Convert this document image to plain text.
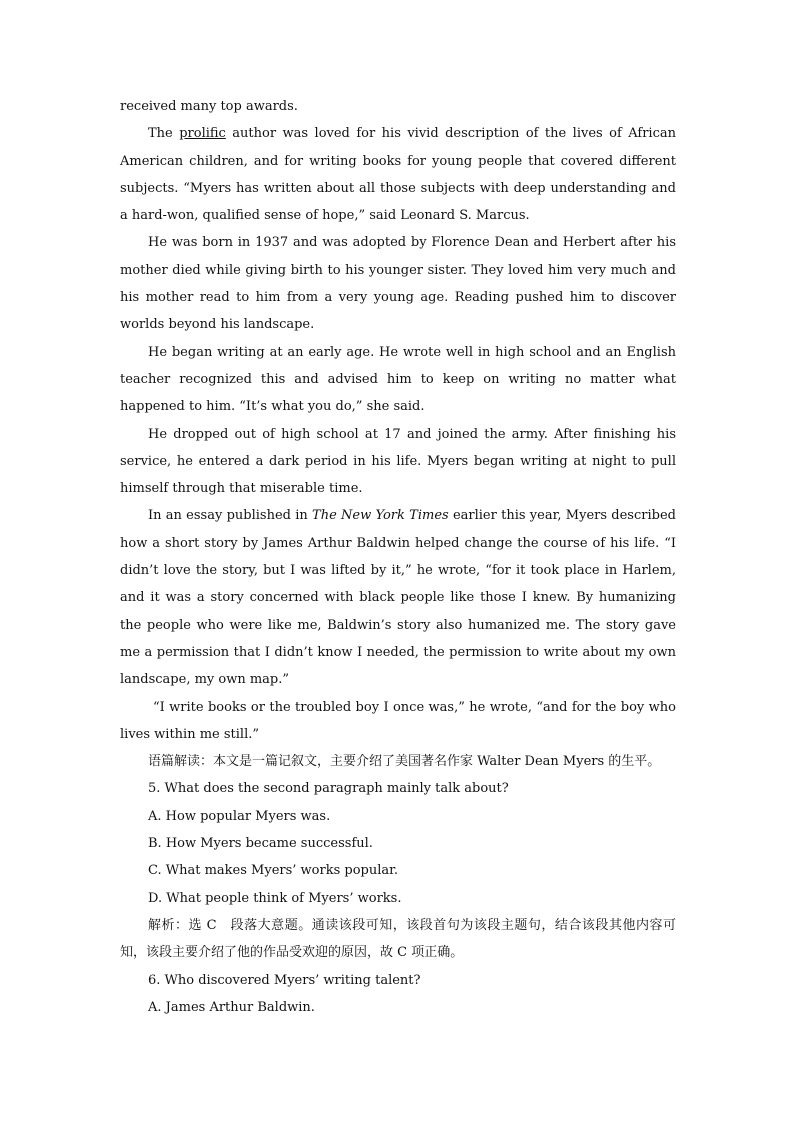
received many top awards.

The prolific author was loved for his vivid description of the lives of African American children, and for writing books for young people that covered different subjects. “Myers has written about all those subjects with deep understanding and a hard-won, qualified sense of hope,” said Leonard S. Marcus.

He was born in 1937 and was adopted by Florence Dean and Herbert after his mother died while giving birth to his younger sister. They loved him very much and his mother read to him from a very young age. Reading pushed him to discover worlds beyond his landscape.

He began writing at an early age. He wrote well in high school and an English teacher recognized this and advised him to keep on writing no matter what happened to him. “It’s what you do,” she said.

He dropped out of high school at 17 and joined the army. After finishing his service, he entered a dark period in his life. Myers began writing at night to pull himself through that miserable time.

In an essay published in The New York Times earlier this year, Myers described how a short story by James Arthur Baldwin helped change the course of his life. “I didn’t love the story, but I was lifted by it,” he wrote, “for it took place in Harlem, and it was a story concerned with black people like those I knew. By humanizing the people who were like me, Baldwin’s story also humanized me. The story gave me a permission that I didn’t know I needed, the permission to write about my own landscape, my own map.”

“I write books or the troubled boy I once was,” he wrote, “and for the boy who lives within me still.”

语篇解读：本文是一篇记叙文，主要介绍了美国著名作家 Walter Dean Myers 的生平。

5. What does the second paragraph mainly talk about?

A. How popular Myers was.

B. How Myers became successful.

C. What makes Myers’ works popular.

D. What people think of Myers’ works.

解析：选 C　段落大意题。通读该段可知，该段首句为该段主题句，结合该段其他内容可知，该段主要介绍了他的作品受欢迎的原因，故 C 项正确。

6. Who discovered Myers’ writing talent?

A. James Arthur Baldwin.
